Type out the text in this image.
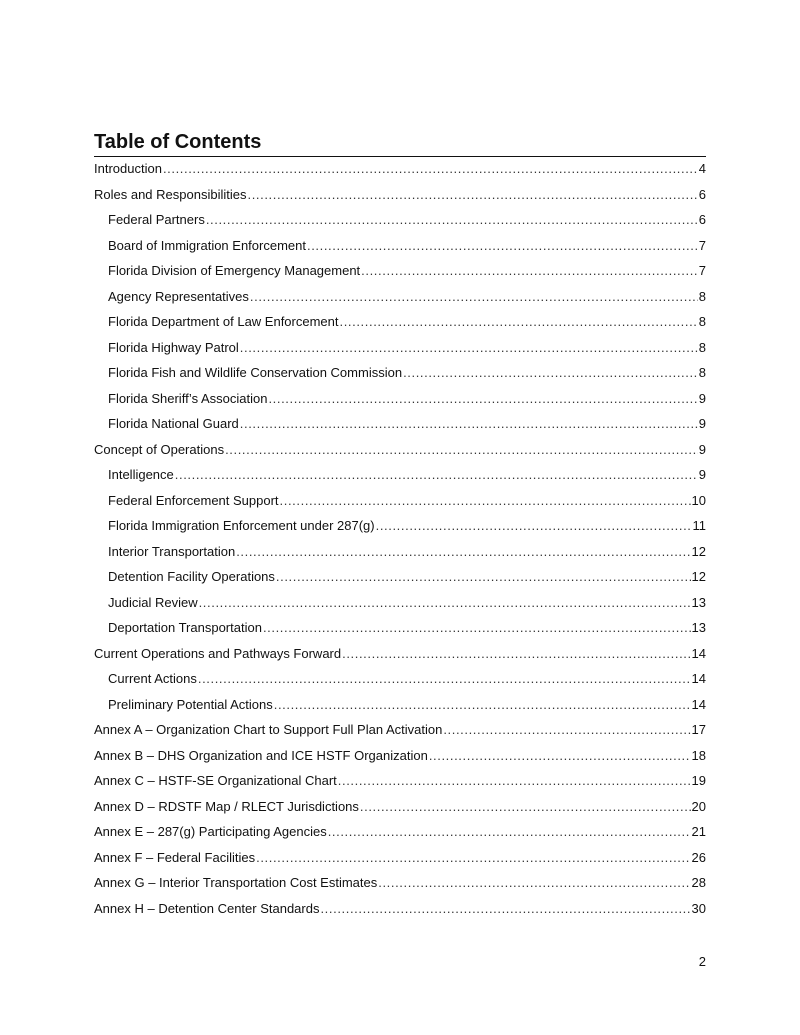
Table of Contents
Introduction .....	4
Roles and Responsibilities .....	6
Federal Partners .....	6
Board of Immigration Enforcement .....	7
Florida Division of Emergency Management .....	7
Agency Representatives .....	8
Florida Department of Law Enforcement .....	8
Florida Highway Patrol .....	8
Florida Fish and Wildlife Conservation Commission .....	8
Florida Sheriff’s Association .....	9
Florida National Guard .....	9
Concept of Operations .....	9
Intelligence .....	9
Federal Enforcement Support .....	10
Florida Immigration Enforcement under 287(g) .....	11
Interior Transportation .....	12
Detention Facility Operations .....	12
Judicial Review .....	13
Deportation Transportation .....	13
Current Operations and Pathways Forward .....	14
Current Actions .....	14
Preliminary Potential Actions .....	14
Annex A – Organization Chart to Support Full Plan Activation .....	17
Annex B – DHS Organization and ICE HSTF Organization .....	18
Annex C – HSTF-SE Organizational Chart .....	19
Annex D – RDSTF Map / RLECT Jurisdictions .....	20
Annex E – 287(g) Participating Agencies .....	21
Annex F – Federal Facilities .....	26
Annex G – Interior Transportation Cost Estimates .....	28
Annex H – Detention Center Standards .....	30
2
